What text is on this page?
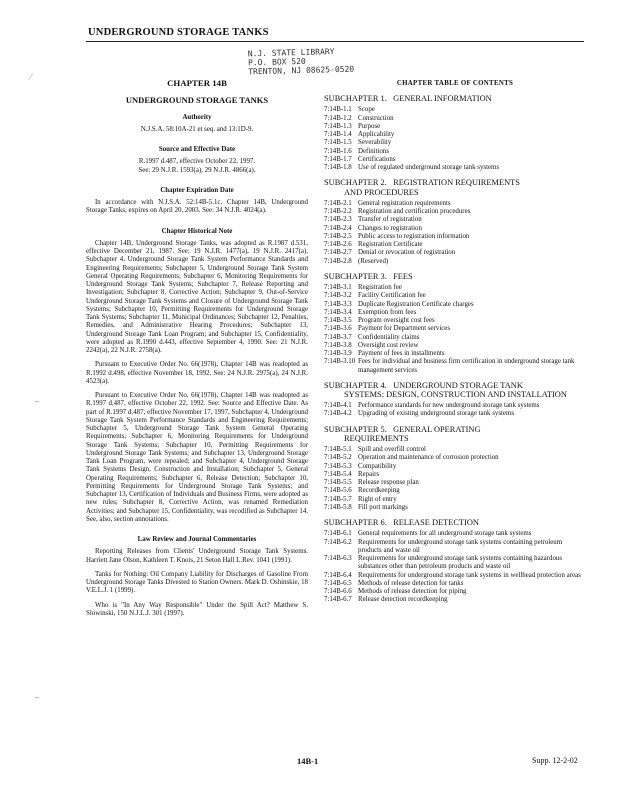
UNDERGROUND STORAGE TANKS
N.J. STATE LIBRARY
P.O. BOX 520
TRENTON, NJ 08625-0520
⁄
⌣
⌣
CHAPTER 14B
UNDERGROUND STORAGE TANKS
Authority
N.J.S.A. 58:10A-21 et seq. and 13:1D-9.
Source and Effective Date
R.1997 d.487, effective October 22, 1997.
See: 29 N.J.R. 1593(a), 29 N.J.R. 4866(a).
Chapter Expiration Date
In accordance with N.J.S.A. 52:14B-5.1c, Chapter 14B, Underground Storage Tanks, expires on April 20, 2003. See: 34 N.J.R. 4024(a).
Chapter Historical Note
Chapter 14B, Underground Storage Tanks, was adopted as R.1987 d.531, effective December 21, 1987. See: 19 N.J.R. 1477(a), 19 N.J.R. 2417(a). Subchapter 4, Underground Storage Tank System Performance Standards and Engineering Requirements; Subchapter 5, Underground Storage Tank System General Operating Requirements; Subchapter 6, Monitoring Requirements for Underground Storage Tank Systems; Subchapter 7, Release Reporting and Investigation; Subchapter 8, Corrective Action; Subchapter 9, Out-of-Service Underground Storage Tank Systems and Closure of Underground Storage Tank Systems; Subchapter 10, Permitting Requirements for Underground Storage Tank Systems; Subchapter 11, Municipal Ordinances; Subchapter 12, Penalties, Remedies, and Administrative Hearing Procedures; Subchapter 13, Underground Storage Tank Loan Program; and Subchapter 15, Confidentiality, were adopted as R.1990 d.443, effective September 4, 1990. See: 21 N.J.R. 2242(a), 22 N.J.R. 2758(a).
Pursuant to Executive Order No. 66(1978), Chapter 14B was readopted as R.1992 d.498, effective November 18, 1992. See: 24 N.J.R. 2975(a), 24 N.J.R. 4523(a).
Pursuant to Executive Order No. 66(1978), Chapter 14B was readopted as R.1997 d.487, effective October 22, 1992. See: Source and Effective Date. As part of R.1997 d.487, effective November 17, 1997, Subchapter 4, Underground Storage Tank System Performance Standards and Engineering Requirements; Subchapter 5, Underground Storage Tank System General Operating Requirements; Subchapter 6, Monitoring Requirements for Underground Storage Tank Systems; Subchapter 10, Permitting Requirements for Underground Storage Tank Systems; and Subchapter 13, Underground Storage Tank Loan Program, were repealed; and Subchapter 4, Underground Storage Tank Systems Design, Construction and Installation; Subchapter 5, General Operating Requirements; Subchapter 6, Release Detection; Subchapter 10, Permitting Requirements for Underground Storage Tank Systems; and Subchapter 13, Certification of Individuals and Business Firms, were adopted as new rules; Subchapter 8, Corrective Action, was renamed Remediation Activities; and Subchapter 15, Confidentiality, was recodified as Subchapter 14. See, also, section annotations.
Law Review and Journal Commentaries
Reporting Releases from Clients' Underground Storage Tank Systems. Harriett Jane Olson, Kathleen T. Knois, 21 Seton Hall L.Rev. 1041 (1991).
Tanks for Nothing: Oil Company Liability for Discharges of Gasoline From Underground Storage Tanks Divested to Station Owners. Mark D. Oshinskie, 18 V.E.L.J. 1 (1999).
Who is "In Any Way Responsible" Under the Spill Act? Matthew S. Slowinski, 150 N.J.L.J. 301 (1997).
CHAPTER TABLE OF CONTENTS
SUBCHAPTER 1.   GENERAL INFORMATION
7:14B-1.1 Scope
7:14B-1.2 Construction
7:14B-1.3 Purpose
7:14B-1.4 Applicability
7:14B-1.5 Severability
7:14B-1.6 Definitions
7:14B-1.7 Certifications
7:14B-1.8 Use of regulated underground storage tank systems
SUBCHAPTER 2.   REGISTRATION REQUIREMENTS
AND PROCEDURES
7:14B-2.1 General registration requirements
7:14B-2.2 Registration and certification procedures
7:14B-2.3 Transfer of registration
7:14B-2.4 Changes to registration
7:14B-2.5 Public access to registration information
7:14B-2.6 Registration Certificate
7:14B-2.7 Denial or revocation of registration
7:14B-2.8 (Reserved)
SUBCHAPTER 3.   FEES
7:14B-3.1 Registration fee
7:14B-3.2 Facility Certification fee
7:14B-3.3 Duplicate Registration Certificate charges
7:14B-3.4 Exemption from fees
7:14B-3.5 Program oversight cost fees
7:14B-3.6 Payment for Department services
7:14B-3.7 Confidentiality claims
7:14B-3.8 Oversight cost review
7:14B-3.9 Payment of fees in installments
7:14B-3.10 Fees for individual and business firm certification in underground storage tank management services
SUBCHAPTER 4.   UNDERGROUND STORAGE TANK
SYSTEMS: DESIGN, CONSTRUCTION AND INSTALLATION
7:14B-4.1 Performance standards for new underground storage tank systems
7:14B-4.2 Upgrading of existing underground storage tank systems
SUBCHAPTER 5.   GENERAL OPERATING
REQUIREMENTS
7:14B-5.1 Spill and overfill control
7:14B-5.2 Operation and maintenance of corrosion protection
7:14B-5.3 Compatibility
7:14B-5.4 Repairs
7:14B-5.5 Release response plan
7:14B-5.6 Recordkeeping
7:14B-5.7 Right of entry
7:14B-5.8 Fill port markings
SUBCHAPTER 6.   RELEASE DETECTION
7:14B-6.1 General requirements for all underground storage tank systems
7:14B-6.2 Requirements for underground storage tank systems containing petroleum products and waste oil
7:14B-6.3 Requirements for underground storage tank systems containing hazardous substances other than petroleum products and waste oil
7:14B-6.4 Requirements for underground storage tank systems in wellhead protection areas
7:14B-6.5 Methods of release detection for tanks
7:14B-6.6 Methods of release detection for piping
7:14B-6.7 Release detection recordkeeping
14B-1	Supp. 12-2-02
